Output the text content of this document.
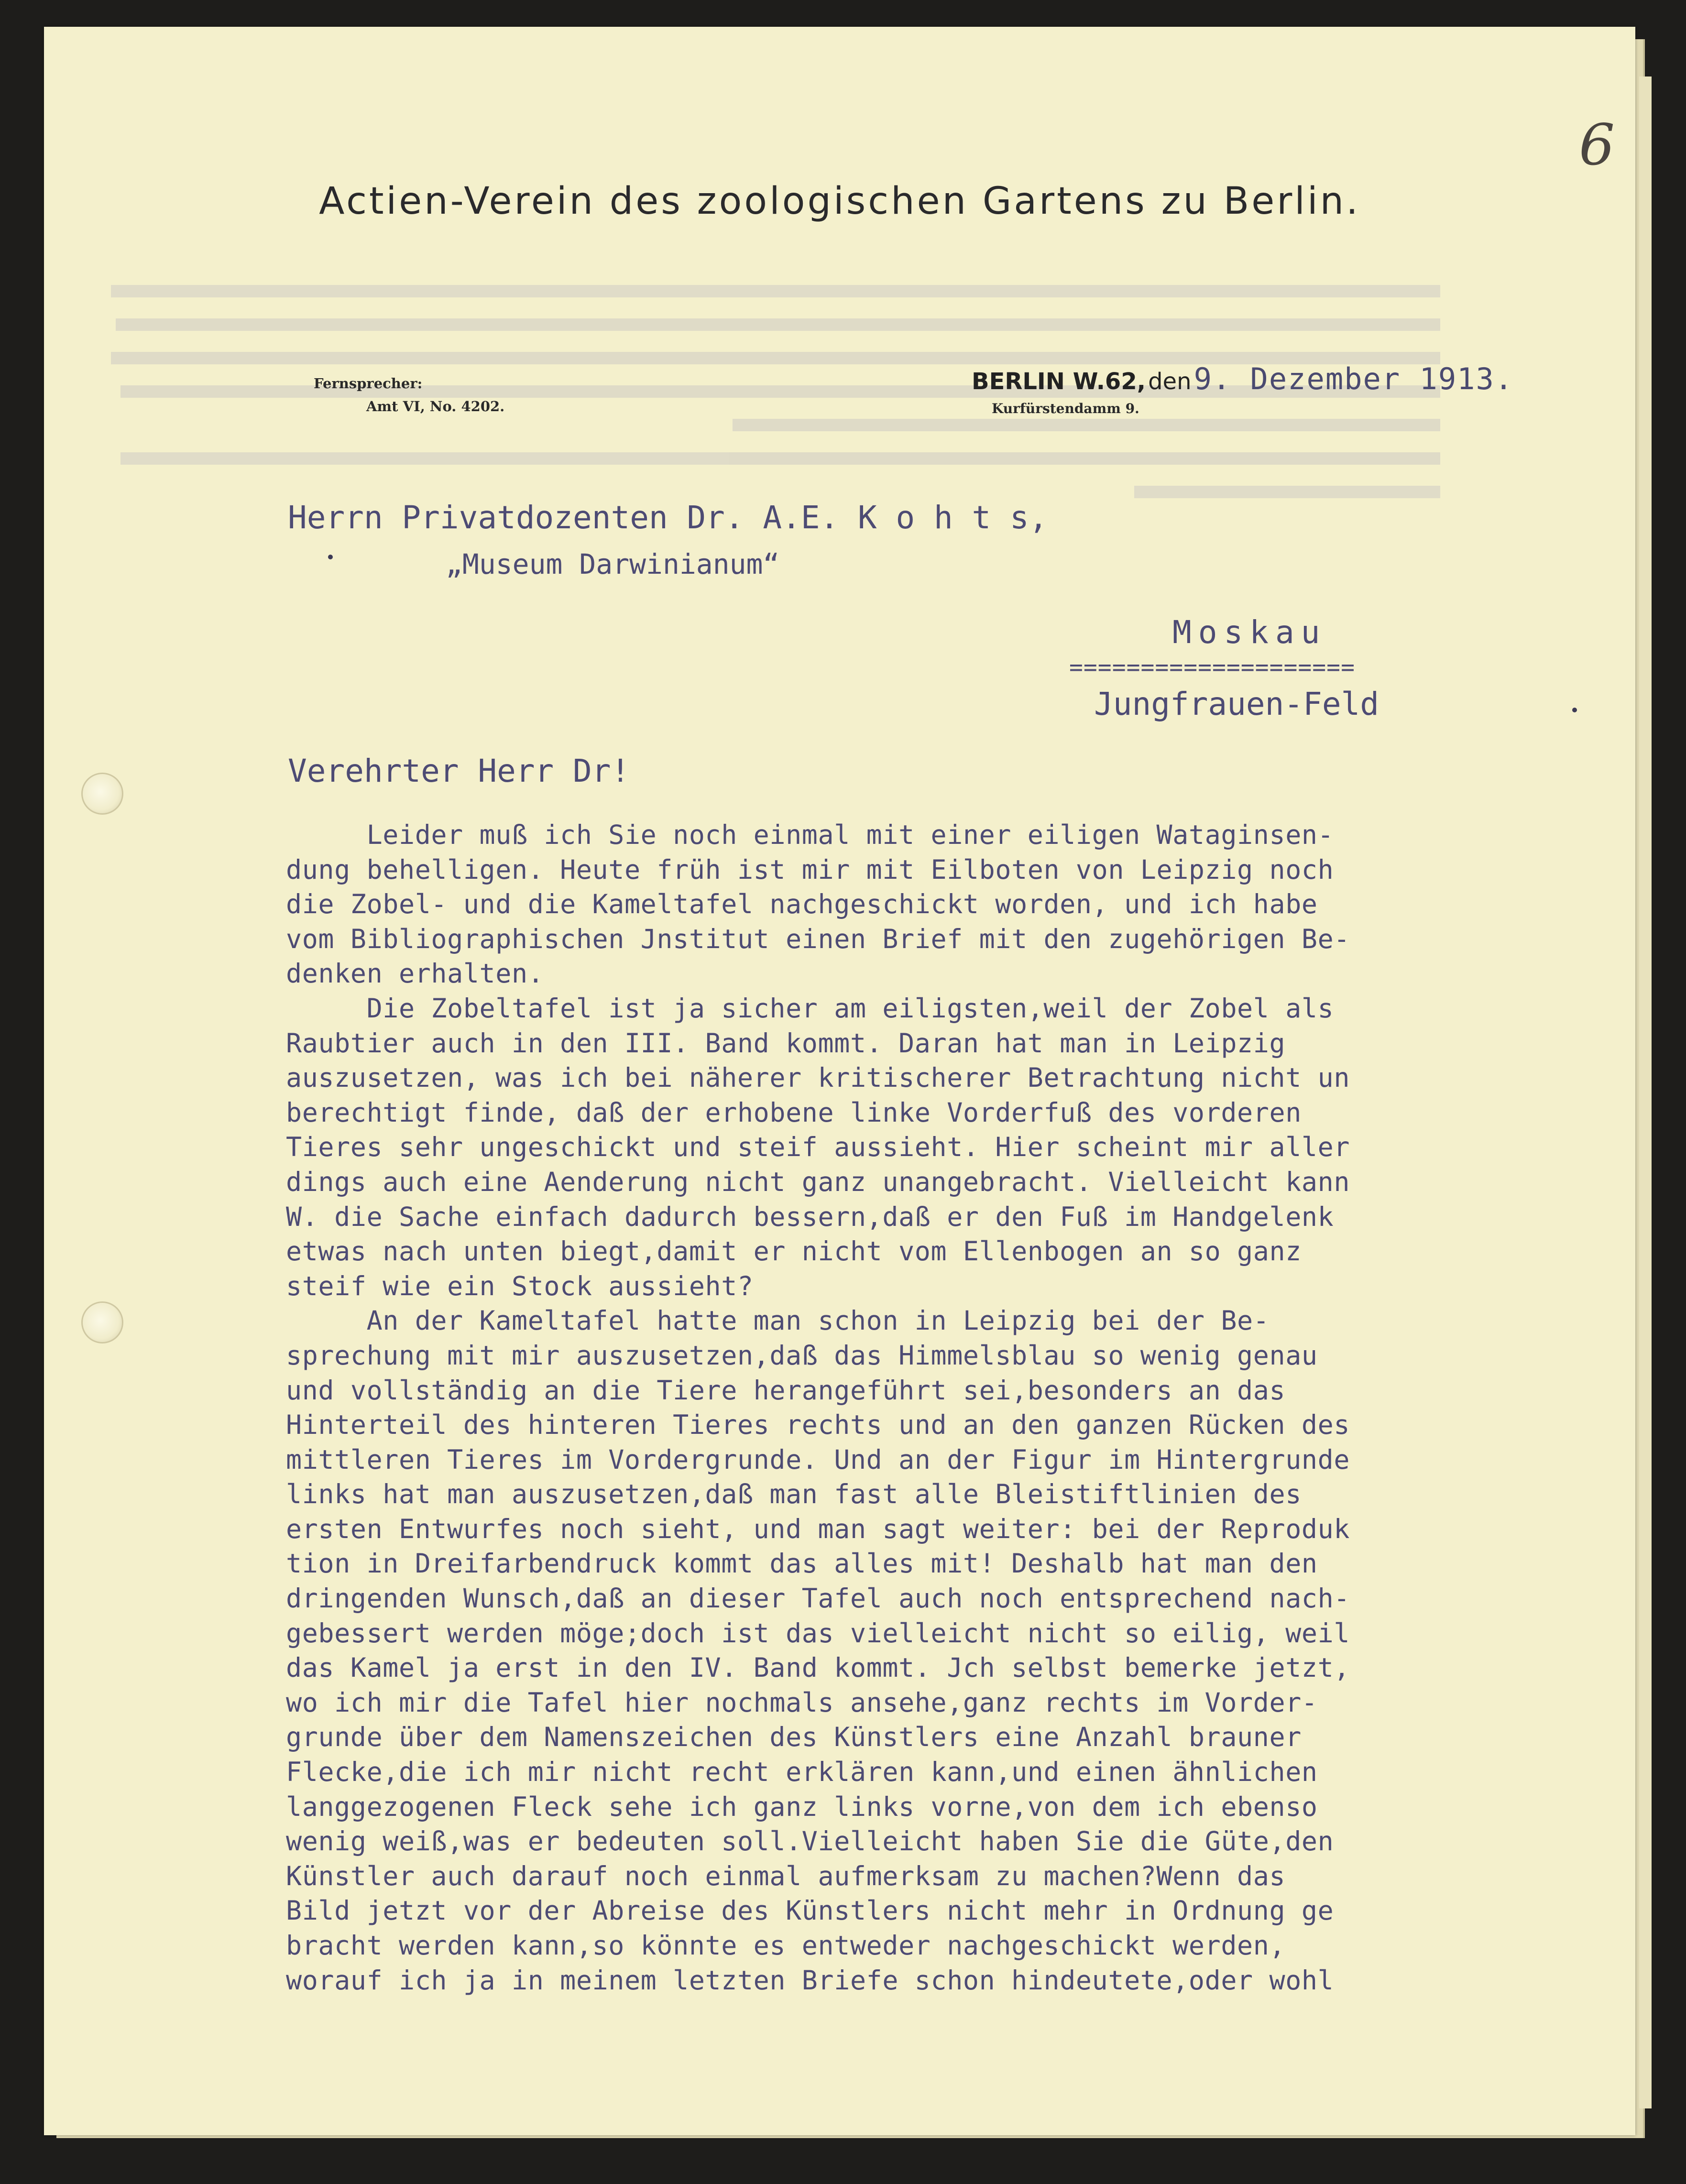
6
Actien-Verein des zoologischen Gartens zu Berlin.
Fernsprecher:
Amt VI, No. 4202.
BERLIN W.62, den 9. Dezember 1913.
Kurfürstendamm 9.
Herrn Privatdozenten Dr. A.E. K o h t s,
„Museum Darwinianum“
Moskau
====================
Jungfrauen-Feld
Verehrter Herr Dr!
Leider muß ich Sie noch einmal mit einer eiligen Wataginsen-
dung behelligen. Heute früh ist mir mit Eilboten von Leipzig noch
die Zobel- und die Kameltafel nachgeschickt worden, und ich habe
vom Bibliographischen Jnstitut einen Brief mit den zugehörigen Be-
denken erhalten.
Die Zobeltafel ist ja sicher am eiligsten,weil der Zobel als
Raubtier auch in den III. Band kommt. Daran hat man in Leipzig
auszusetzen, was ich bei näherer kritischerer Betrachtung nicht un
berechtigt finde, daß der erhobene linke Vorderfuß des vorderen
Tieres sehr ungeschickt und steif aussieht. Hier scheint mir aller
dings auch eine Aenderung nicht ganz unangebracht. Vielleicht kann
W. die Sache einfach dadurch bessern,daß er den Fuß im Handgelenk
etwas nach unten biegt,damit er nicht vom Ellenbogen an so ganz
steif wie ein Stock aussieht?
An der Kameltafel hatte man schon in Leipzig bei der Be-
sprechung mit mir auszusetzen,daß das Himmelsblau so wenig genau
und vollständig an die Tiere herangeführt sei,besonders an das
Hinterteil des hinteren Tieres rechts und an den ganzen Rücken des
mittleren Tieres im Vordergrunde. Und an der Figur im Hintergrunde
links hat man auszusetzen,daß man fast alle Bleistiftlinien des
ersten Entwurfes noch sieht, und man sagt weiter: bei der Reproduk
tion in Dreifarbendruck kommt das alles mit! Deshalb hat man den
dringenden Wunsch,daß an dieser Tafel auch noch entsprechend nach-
gebessert werden möge;doch ist das vielleicht nicht so eilig, weil
das Kamel ja erst in den IV. Band kommt. Jch selbst bemerke jetzt,
wo ich mir die Tafel hier nochmals ansehe,ganz rechts im Vorder-
grunde über dem Namenszeichen des Künstlers eine Anzahl brauner
Flecke,die ich mir nicht recht erklären kann,und einen ähnlichen
langgezogenen Fleck sehe ich ganz links vorne,von dem ich ebenso
wenig weiß,was er bedeuten soll.Vielleicht haben Sie die Güte,den
Künstler auch darauf noch einmal aufmerksam zu machen?Wenn das
Bild jetzt vor der Abreise des Künstlers nicht mehr in Ordnung ge
bracht werden kann,so könnte es entweder nachgeschickt werden,
worauf ich ja in meinem letzten Briefe schon hindeutete,oder wohl
